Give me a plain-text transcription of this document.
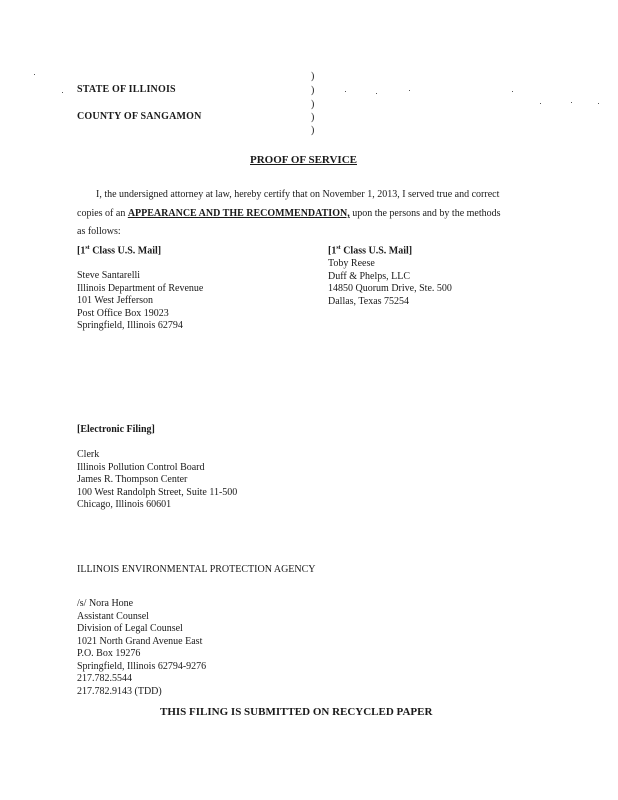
STATE OF ILLINOIS
COUNTY OF SANGAMON
)
)
)
)
)
PROOF OF SERVICE
I, the undersigned attorney at law, hereby certify that on November 1, 2013, I served true and correct
copies of an APPEARANCE AND THE RECOMMENDATION, upon the persons and by the methods
as follows:
[1st Class U.S. Mail]
Steve Santarelli
Illinois Department of Revenue
101 West Jefferson
Post Office Box 19023
Springfield, Illinois 62794
[1st Class U.S. Mail]
Toby Reese
Duff & Phelps, LLC
14850 Quorum Drive, Ste. 500
Dallas, Texas 75254
[Electronic Filing]
Clerk
Illinois Pollution Control Board
James R. Thompson Center
100 West Randolph Street, Suite 11-500
Chicago, Illinois 60601
ILLINOIS ENVIRONMENTAL PROTECTION AGENCY
/s/ Nora Hone
Assistant Counsel
Division of Legal Counsel
1021 North Grand Avenue East
P.O. Box 19276
Springfield, Illinois 62794-9276
217.782.5544
217.782.9143 (TDD)
THIS FILING IS SUBMITTED ON RECYCLED PAPER
